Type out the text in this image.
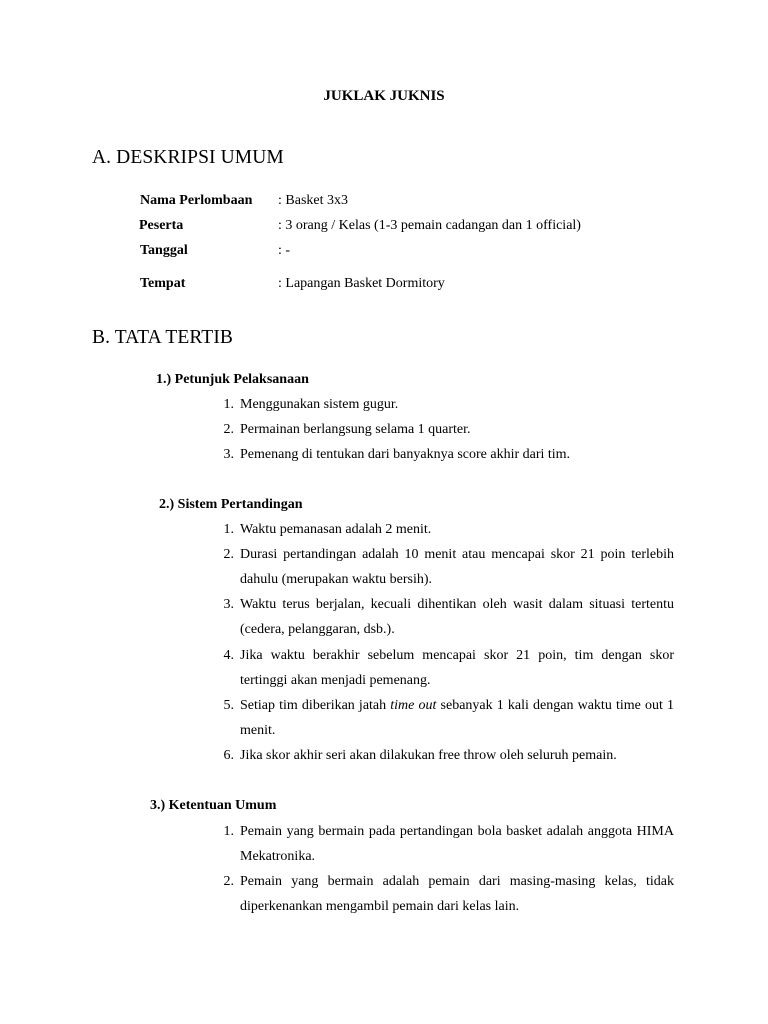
JUKLAK JUKNIS
A. DESKRIPSI UMUM
Nama Perlombaan : Basket 3x3
Peserta	: 3 orang / Kelas (1-3 pemain cadangan dan 1 official)
Tanggal	: -
Tempat	: Lapangan Basket Dormitory
B. TATA TERTIB
1.) Petunjuk Pelaksanaan
1. Menggunakan sistem gugur.
2. Permainan berlangsung selama 1 quarter.
3. Pemenang di tentukan dari banyaknya score akhir dari tim.
2.) Sistem Pertandingan
1. Waktu pemanasan adalah 2 menit.
2. Durasi pertandingan adalah 10 menit atau mencapai skor 21 poin terlebih dahulu (merupakan waktu bersih).
3. Waktu terus berjalan, kecuali dihentikan oleh wasit dalam situasi tertentu (cedera, pelanggaran, dsb.).
4. Jika waktu berakhir sebelum mencapai skor 21 poin, tim dengan skor tertinggi akan menjadi pemenang.
5. Setiap tim diberikan jatah time out sebanyak 1 kali dengan waktu time out 1 menit.
6. Jika skor akhir seri akan dilakukan free throw oleh seluruh pemain.
3.) Ketentuan Umum
1. Pemain yang bermain pada pertandingan bola basket adalah anggota HIMA Mekatronika.
2. Pemain yang bermain adalah pemain dari masing-masing kelas, tidak diperkenankan mengambil pemain dari kelas lain.
